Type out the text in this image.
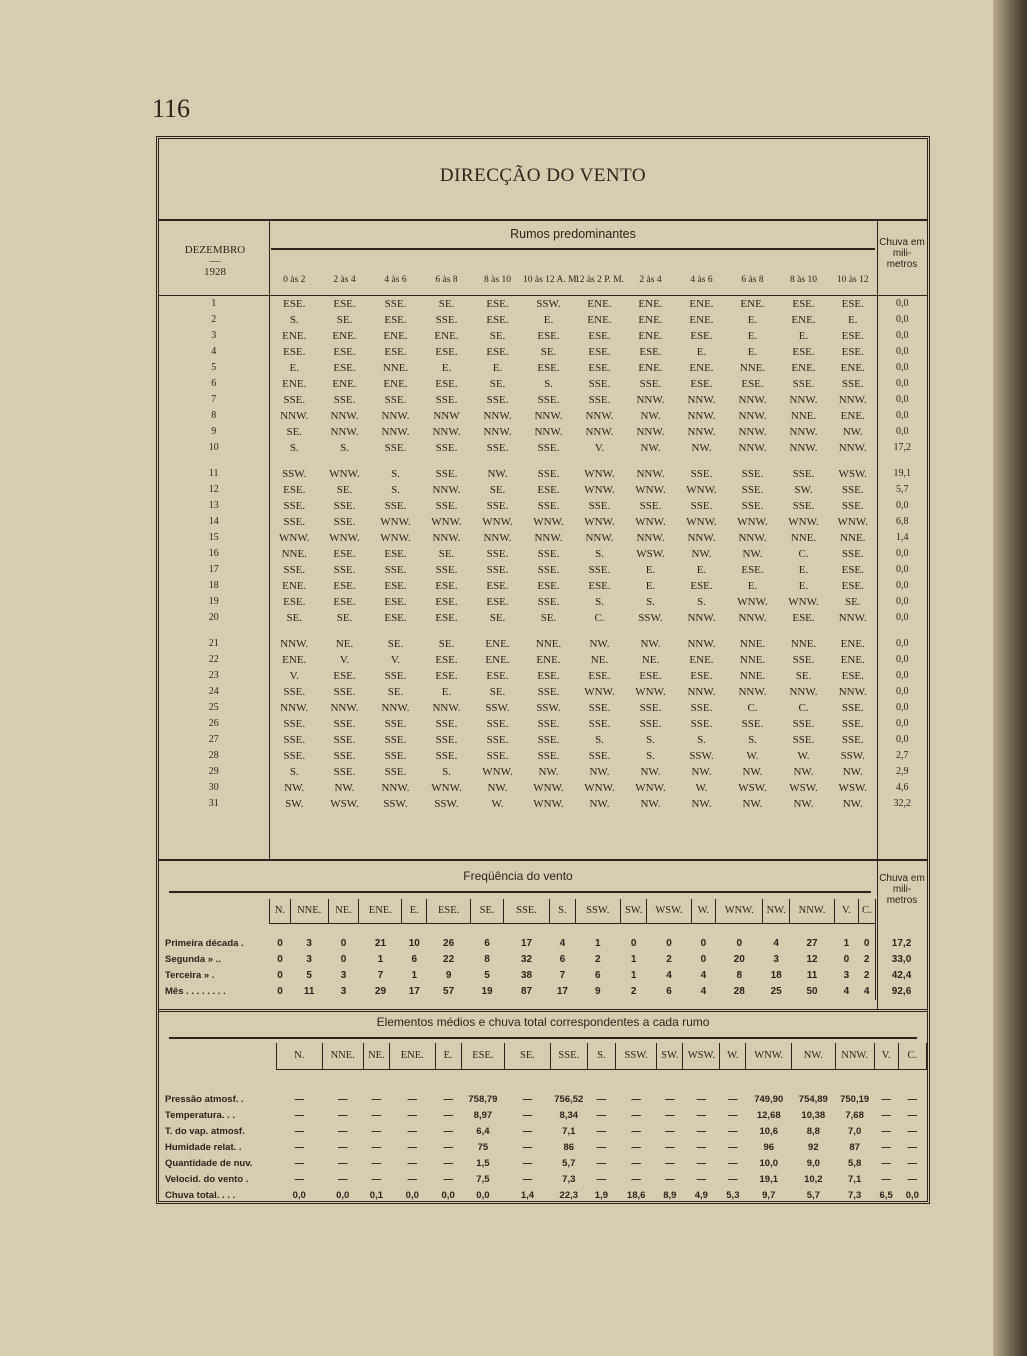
116
DIRECÇÃO DO VENTO
DEZEMBRO
—
1928
Rumos predominantes
Chuva em mili- metros
	0 às 2	2 às 4	4 às 6	6 às 8	8 às 10	10 às 12 A. M.	12 às 2 P. M.	2 às 4	4 às 6	6 às 8	8 às 10	10 às 12	
1	ESE.	ESE.	SSE.	SE.	ESE.	SSW.	ENE.	ENE.	ENE.	ENE.	ESE.	ESE.	0,0
2	S.	SE.	ESE.	SSE.	ESE.	E.	ENE.	ENE.	ENE.	E.	ENE.	E.	0,0
3	ENE.	ENE.	ENE.	ENE.	SE.	ESE.	ESE.	ENE.	ESE.	E.	E.	ESE.	0,0
4	ESE.	ESE.	ESE.	ESE.	ESE.	SE.	ESE.	ESE.	E.	E.	ESE.	ESE.	0,0
5	E.	ESE.	NNE.	E.	E.	ESE.	ESE.	ENE.	ENE.	NNE.	ENE.	ENE.	0,0
6	ENE.	ENE.	ENE.	ESE.	SE.	S.	SSE.	SSE.	ESE.	ESE.	SSE.	SSE.	0,0
7	SSE.	SSE.	SSE.	SSE.	SSE.	SSE.	SSE.	NNW.	NNW.	NNW.	NNW.	NNW.	0,0
8	NNW.	NNW.	NNW.	NNW	NNW.	NNW.	NNW.	NW.	NNW.	NNW.	NNE.	ENE.	0,0
9	SE.	NNW.	NNW.	NNW.	NNW.	NNW.	NNW.	NNW.	NNW.	NNW.	NNW.	NW.	0,0
10	S.	S.	SSE.	SSE.	SSE.	SSE.	V.	NW.	NW.	NNW.	NNW.	NNW.	17,2

11	SSW.	WNW.	S.	SSE.	NW.	SSE.	WNW.	NNW.	SSE.	SSE.	SSE.	WSW.	19,1
12	ESE.	SE.	S.	NNW.	SE.	ESE.	WNW.	WNW.	WNW.	SSE.	SW.	SSE.	5,7
13	SSE.	SSE.	SSE.	SSE.	SSE.	SSE.	SSE.	SSE.	SSE.	SSE.	SSE.	SSE.	0,0
14	SSE.	SSE.	WNW.	WNW.	WNW.	WNW.	WNW.	WNW.	WNW.	WNW.	WNW.	WNW.	6,8
15	WNW.	WNW.	WNW.	NNW.	NNW.	NNW.	NNW.	NNW.	NNW.	NNW.	NNE.	NNE.	1,4
16	NNE.	ESE.	ESE.	SE.	SSE.	SSE.	S.	WSW.	NW.	NW.	C.	SSE.	0,0
17	SSE.	SSE.	SSE.	SSE.	SSE.	SSE.	SSE.	E.	E.	ESE.	E.	ESE.	0,0
18	ENE.	ESE.	ESE.	ESE.	ESE.	ESE.	ESE.	E.	ESE.	E.	E.	ESE.	0,0
19	ESE.	ESE.	ESE.	ESE.	ESE.	SSE.	S.	S.	S.	WNW.	WNW.	SE.	0,0
20	SE.	SE.	ESE.	ESE.	SE.	SE.	C.	SSW.	NNW.	NNW.	ESE.	NNW.	0,0

21	NNW.	NE.	SE.	SE.	ENE.	NNE.	NW.	NW.	NNW.	NNE.	NNE.	ENE.	0,0
22	ENE.	V.	V.	ESE.	ENE.	ENE.	NE.	NE.	ENE.	NNE.	SSE.	ENE.	0,0
23	V.	ESE.	SSE.	ESE.	ESE.	ESE.	ESE.	ESE.	ESE.	NNE.	SE.	ESE.	0,0
24	SSE.	SSE.	SE.	E.	SE.	SSE.	WNW.	WNW.	NNW.	NNW.	NNW.	NNW.	0,0
25	NNW.	NNW.	NNW.	NNW.	SSW.	SSW.	SSE.	SSE.	SSE.	C.	C.	SSE.	0,0
26	SSE.	SSE.	SSE.	SSE.	SSE.	SSE.	SSE.	SSE.	SSE.	SSE.	SSE.	SSE.	0,0
27	SSE.	SSE.	SSE.	SSE.	SSE.	SSE.	S.	S.	S.	S.	SSE.	SSE.	0,0
28	SSE.	SSE.	SSE.	SSE.	SSE.	SSE.	SSE.	S.	SSW.	W.	W.	SSW.	2,7
29	S.	SSE.	SSE.	S.	WNW.	NW.	NW.	NW.	NW.	NW.	NW.	NW.	2,9
30	NW.	NW.	NNW.	WNW.	NW.	WNW.	WNW.	WNW.	W.	WSW.	WSW.	WSW.	4,6
31	SW.	WSW.	SSW.	SSW.	W.	WNW.	NW.	NW.	NW.	NW.	NW.	NW.	32,2
Freqüência do vento	Chuva em mili- metros
	N.	NNE.	NE.	ENE.	E.	ESE.	SE.	SSE.	S.	SSW.	SW.	WSW.	W.	WNW.	NW.	NNW.	V.	C.	

Primeira década .	0	3	0	21	10	26	6	17	4	1	0	0	0	0	4	27	1	0	17,2
Segunda » ..	0	3	0	1	6	22	8	32	6	2	1	2	0	20	3	12	0	2	33,0
Terceira » .	0	5	3	7	1	9	5	38	7	6	1	4	4	8	18	11	3	2	42,4
Mês . . . . . . . .	0	11	3	29	17	57	19	87	17	9	2	6	4	28	25	50	4	4	92,6
Elementos médios e chuva total correspondentes a cada rumo
	N.	NNE.	NE.	ENE.	E.	ESE.	SE.	SSE.	S.	SSW.	SW.	WSW.	W.	WNW.	NW.	NNW.	V.	C.

Pressão atmosf. .	—	—	—	—	—	758,79	—	756,52	—	—	—	—	—	749,90	754,89	750,19	—	—
Temperatura. . .	—	—	—	—	—	8,97	—	8,34	—	—	—	—	—	12,68	10,38	7,68	—	—
T. do vap. atmosf.	—	—	—	—	—	6,4	—	7,1	—	—	—	—	—	10,6	8,8	7,0	—	—
Humidade relat. .	—	—	—	—	—	75	—	86	—	—	—	—	—	96	92	87	—	—
Quantidade de nuv.	—	—	—	—	—	1,5	—	5,7	—	—	—	—	—	10,0	9,0	5,8	—	—
Velocid. do vento .	—	—	—	—	—	7,5	—	7,3	—	—	—	—	—	19,1	10,2	7,1	—	—
Chuva total. . . .	0,0	0,0	0,1	0,0	0,0	0,0	1,4	22,3	1,9	18,6	8,9	4,9	5,3	9,7	5,7	7,3	6,5	0,0
